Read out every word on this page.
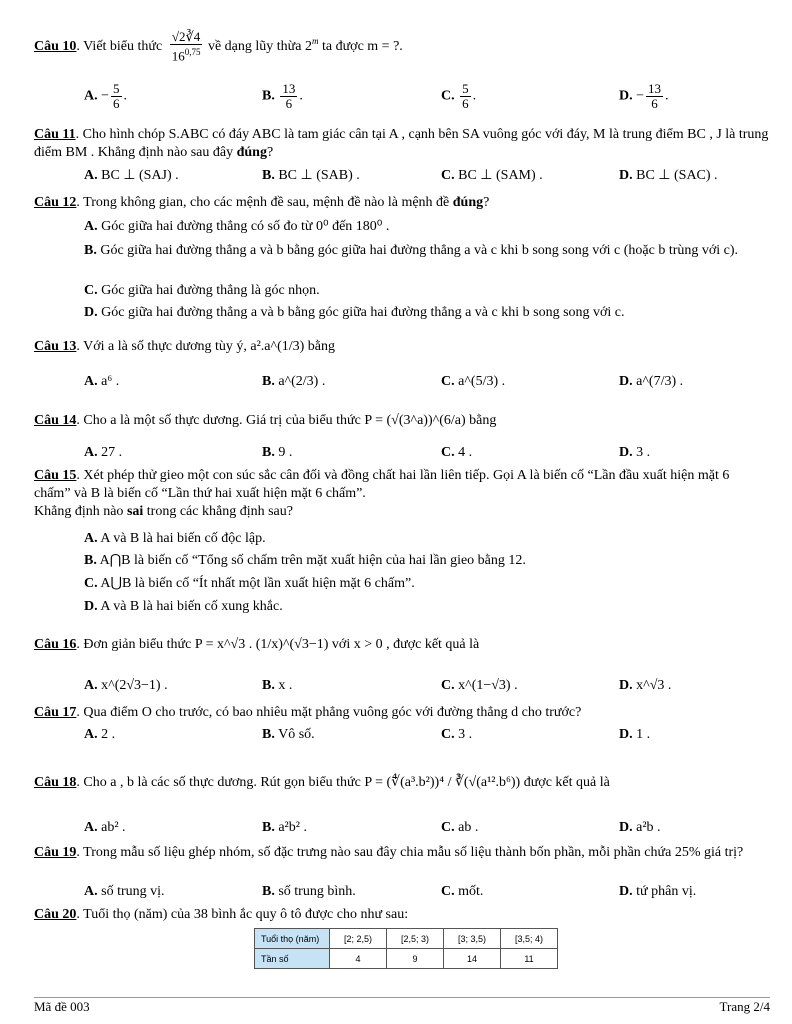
Câu 10. Viết biểu thức $\frac{√2∛4}{16^{0,75}}$ về dạng lũy thừa 2$^m$ ta được m = ?.
A. − $\frac{5}{6}$ .	B. $\frac{13}{6}$ .	C. $\frac{5}{6}$ .	D. − $\frac{13}{6}$ .
Câu 11. Cho hình chóp S.ABC có đáy ABC là tam giác cân tại A , cạnh bên SA vuông góc với đáy, M là trung điểm BC , J là trung điểm BM . Khẳng định nào sau đây đúng?
A. BC ⊥ (SAJ) .	B. BC ⊥ (SAB) .	C. BC ⊥ (SAM) .	D. BC ⊥ (SAC) .
Câu 12. Trong không gian, cho các mệnh đề sau, mệnh đề nào là mệnh đề đúng?
A. Góc giữa hai đường thẳng có số đo từ 0⁰ đến 180⁰ .
B. Góc giữa hai đường thẳng a và b bằng góc giữa hai đường thẳng a và c khi b song song với c (hoặc b trùng với c).
C. Góc giữa hai đường thẳng là góc nhọn.
D. Góc giữa hai đường thẳng a và b bằng góc giữa hai đường thẳng a và c khi b song song với c.
Câu 13. Với a là số thực dương tùy ý, a².a^(1/3) bằng
A. a⁶ .	B. a^(2/3) .	C. a^(5/3) .	D. a^(7/3) .
Câu 14. Cho a là một số thực dương. Giá trị của biểu thức P = (√(3^a))^(6/a) bằng
A. 27 .	B. 9 .	C. 4 .	D. 3 .
Câu 15. Xét phép thử gieo một con súc sắc cân đối và đồng chất hai lần liên tiếp. Gọi A là biến cố “Lần đầu xuất hiện mặt 6 chấm” và B là biến cố “Lần thứ hai xuất hiện mặt 6 chấm”.
Khẳng định nào sai trong các khẳng định sau?
A. A và B là hai biến cố độc lập.
B. A⋂B là biến cố “Tổng số chấm trên mặt xuất hiện của hai lần gieo bằng 12.
C. A⋃B là biến cố “Ít nhất một lần xuất hiện mặt 6 chấm”.
D. A và B là hai biến cố xung khắc.
Câu 16. Đơn giản biểu thức P = x^√3 . (1/x)^(√3−1) với x > 0 , được kết quả là
A. x^(2√3−1) .	B. x .	C. x^(1−√3) .	D. x^√3 .
Câu 17. Qua điểm O cho trước, có bao nhiêu mặt phẳng vuông góc với đường thẳng d cho trước?
A. 2 .	B. Vô số.	C. 3 .	D. 1 .
Câu 18. Cho a , b là các số thực dương. Rút gọn biểu thức P = (∜(a³.b²))⁴ / ∛(√(a¹².b⁶)) được kết quả là
A. ab² .	B. a²b² .	C. ab .	D. a²b .
Câu 19. Trong mẫu số liệu ghép nhóm, số đặc trưng nào sau đây chia mẫu số liệu thành bốn phần, mỗi phần chứa 25% giá trị?
A. số trung vị.	B. số trung bình.	C. mốt.	D. tứ phân vị.
Câu 20. Tuổi thọ (năm) của 38 bình ắc quy ô tô được cho như sau:
Tuổi thọ (năm)	[2; 2,5)	[2,5; 3)	[3; 3,5)	[3,5; 4)
Tần số	4	9	14	11
Mã đề 003	Trang 2/4
